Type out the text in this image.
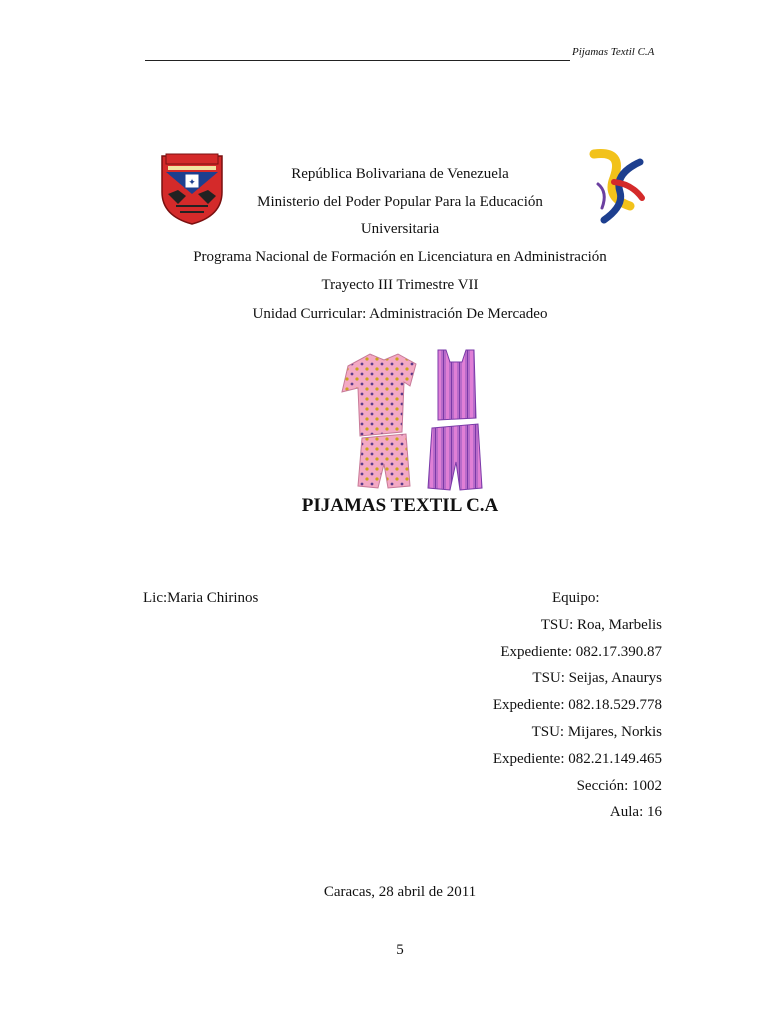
Pijamas Textil C.A
✦
República Bolivariana de Venezuela
Ministerio del Poder Popular Para la Educación
Universitaria
Programa Nacional de Formación en Licenciatura en Administración
Trayecto III Trimestre VII
Unidad Curricular: Administración De Mercadeo
PIJAMAS TEXTIL C.A
Lic:Maria Chirinos	Equipo:
TSU: Roa, Marbelis
Expediente: 082.17.390.87
TSU: Seijas, Anaurys
Expediente: 082.18.529.778
TSU: Mijares, Norkis
Expediente: 082.21.149.465
Sección: 1002
Aula: 16
Caracas, 28 abril de 2011
5
